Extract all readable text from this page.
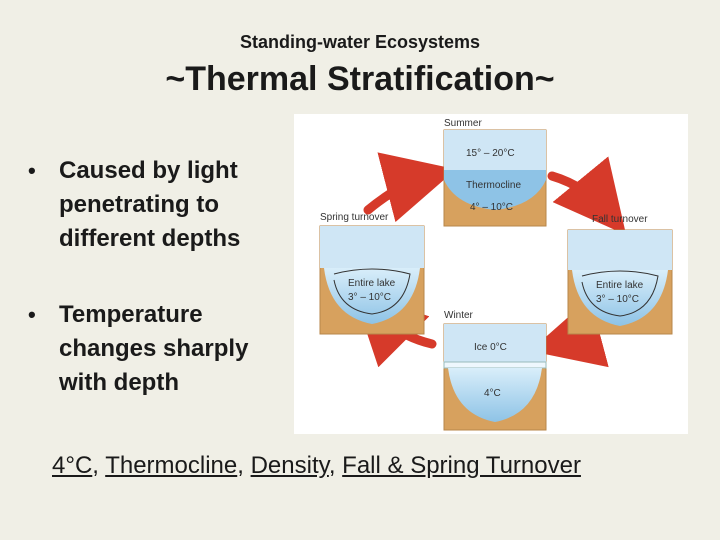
Standing-water Ecosystems
~Thermal Stratification~
• Caused by light penetrating to different depths
• Temperature changes sharply with depth
Summer
15° – 20°C
Thermocline
4° – 10°C
Spring turnover
Entire lake
3° – 10°C
Fall turnover
Entire lake
3° – 10°C
Winter
Ice 0°C
4°C
4°C, Thermocline, Density, Fall & Spring Turnover
